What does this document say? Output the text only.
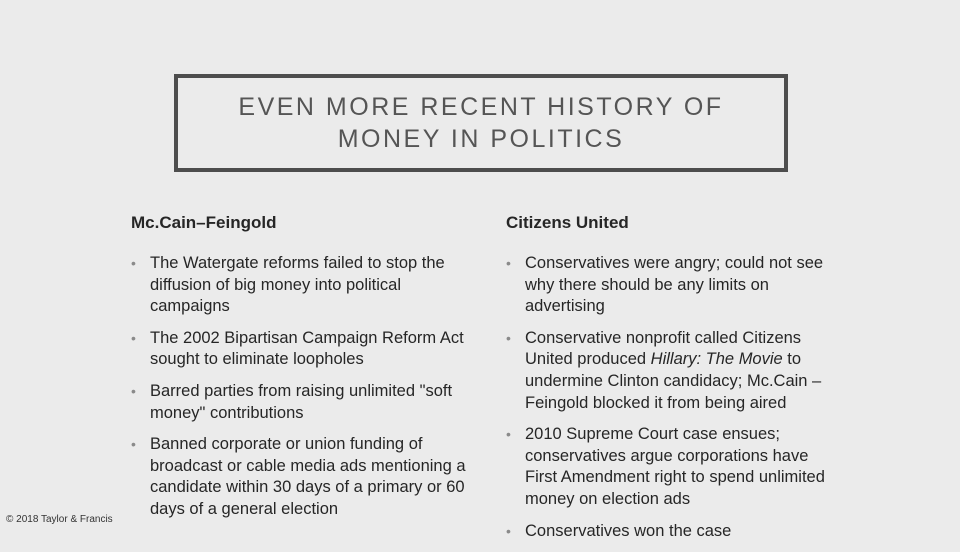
EVEN MORE RECENT HISTORY OF
MONEY IN POLITICS
Mc.Cain–Feingold
• The Watergate reforms failed to stop the diffusion of big money into political campaigns
• The 2002 Bipartisan Campaign Reform Act sought to eliminate loopholes
• Barred parties from raising unlimited "soft money" contributions
• Banned corporate or union funding of broadcast or cable media ads mentioning a candidate within 30 days of a primary or 60 days of a general election
Citizens United
• Conservatives were angry; could not see why there should be any limits on advertising
• Conservative nonprofit called Citizens United produced Hillary: The Movie to undermine Clinton candidacy; Mc.Cain – Feingold blocked it from being aired
• 2010 Supreme Court case ensues; conservatives argue corporations have First Amendment right to spend unlimited money on election ads
• Conservatives won the case
© 2018 Taylor & Francis
